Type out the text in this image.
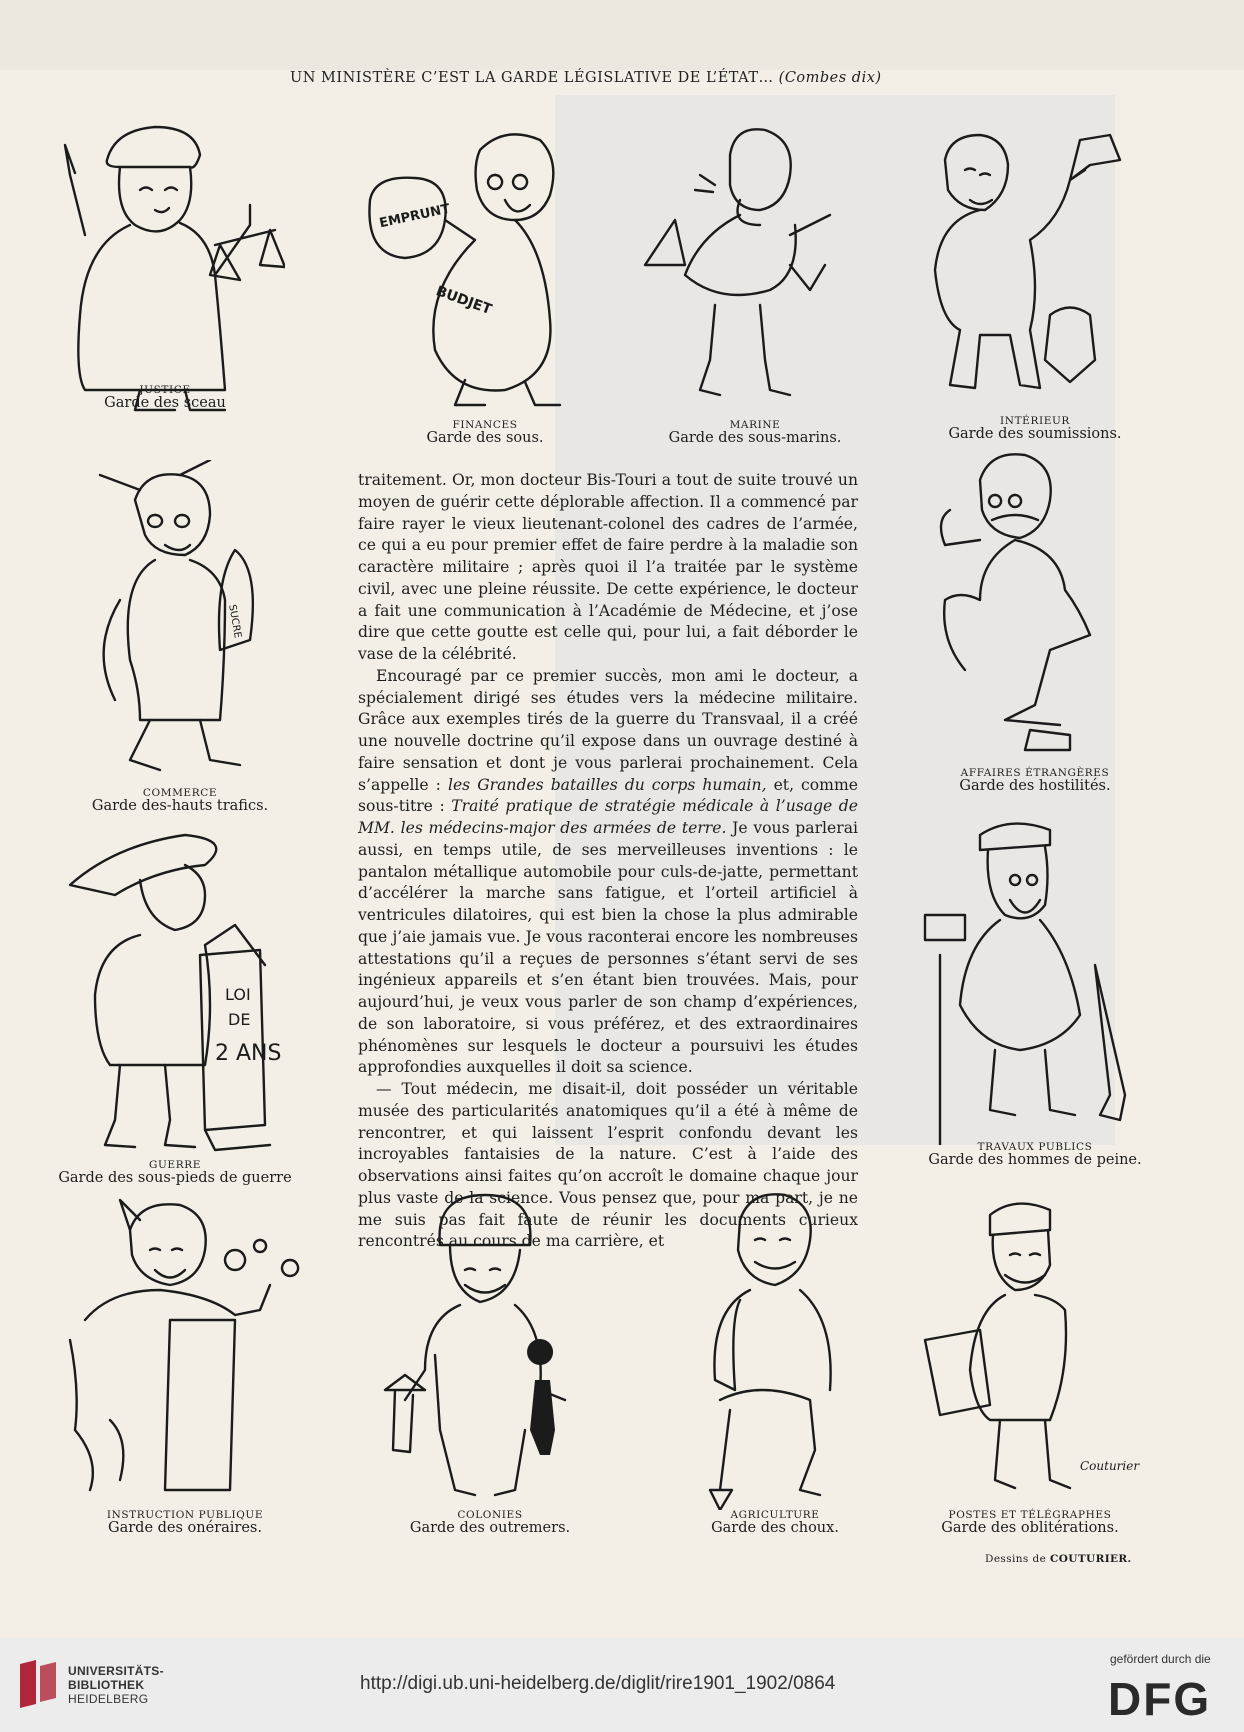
UN MINISTÈRE C’EST LA GARDE LÉGISLATIVE DE L’ÉTAT… (Combes dix)
JUSTICE
Garde des sceau
EMPRUNT
BUDJET
FINANCES
Garde des sous.
MARINE
Garde des sous-marins.
INTÉRIEUR
Garde des soumissions.
SUCRE
COMMERCE
Garde des-hauts trafics.
AFFAIRES ÉTRANGÈRES
Garde des hostilités.
LOI
DE
2 ANS
GUERRE
Garde des sous-pieds de guerre
TRAVAUX PUBLICS
Garde des hommes de peine.
INSTRUCTION PUBLIQUE
Garde des onéraires.
COLONIES
Garde des outremers.
AGRICULTURE
Garde des choux.
Couturier
POSTES ET TÉLÉGRAPHES
Garde des oblitérations.

traitement. Or, mon docteur Bis-Touri a tout de suite trouvé un moyen de guérir cette déplorable affection. Il a commencé par faire rayer le vieux lieutenant-colonel des cadres de l’armée, ce qui a eu pour premier effet de faire perdre à la maladie son caractère militaire ; après quoi il l’a traitée par le système civil, avec une pleine réussite. De cette expérience, le docteur a fait une communication à l’Académie de Médecine, et j’ose dire que cette goutte est celle qui, pour lui, a fait déborder le vase de la célébrité.

Encouragé par ce premier succès, mon ami le docteur, a spécialement dirigé ses études vers la médecine militaire. Grâce aux exemples tirés de la guerre du Transvaal, il a créé une nouvelle doctrine qu’il expose dans un ouvrage destiné à faire sensation et dont je vous parlerai prochainement. Cela s’appelle : les Grandes batailles du corps humain, et, comme sous-titre : Traité pratique de stratégie médicale à l’usage de MM. les médecins-major des armées de terre. Je vous parlerai aussi, en temps utile, de ses merveilleuses inventions : le pantalon métallique automobile pour culs-de-jatte, permettant d’accélérer la marche sans fatigue, et l’orteil artificiel à ventricules dilatoires, qui est bien la chose la plus admirable que j’aie jamais vue. Je vous raconterai encore les nombreuses attestations qu’il a reçues de personnes s’étant servi de ses ingénieux appareils et s’en étant bien trouvées. Mais, pour aujourd’hui, je veux vous parler de son champ d’expériences, de son laboratoire, si vous préférez, et des extraordinaires phénomènes sur lesquels le docteur a poursuivi les études approfondies auxquelles il doit sa science.

— Tout médecin, me disait-il, doit posséder un véritable musée des particularités anatomiques qu’il a été à même de rencontrer, et qui laissent l’esprit confondu devant les incroyables fantaisies de la nature. C’est à l’aide des observations ainsi faites qu’on accroît le domaine chaque jour plus vaste de la science. Vous pensez que, pour ma part, je ne me suis pas fait faute de réunir les documents curieux rencontrés au cours de ma carrière, et

Dessins de COUTURIER.
UNIVERSITÄTS-
BIBLIOTHEK
HEIDELBERG
http://digi.ub.uni-heidelberg.de/diglit/rire1901_1902/0864
gefördert durch die
DFG
